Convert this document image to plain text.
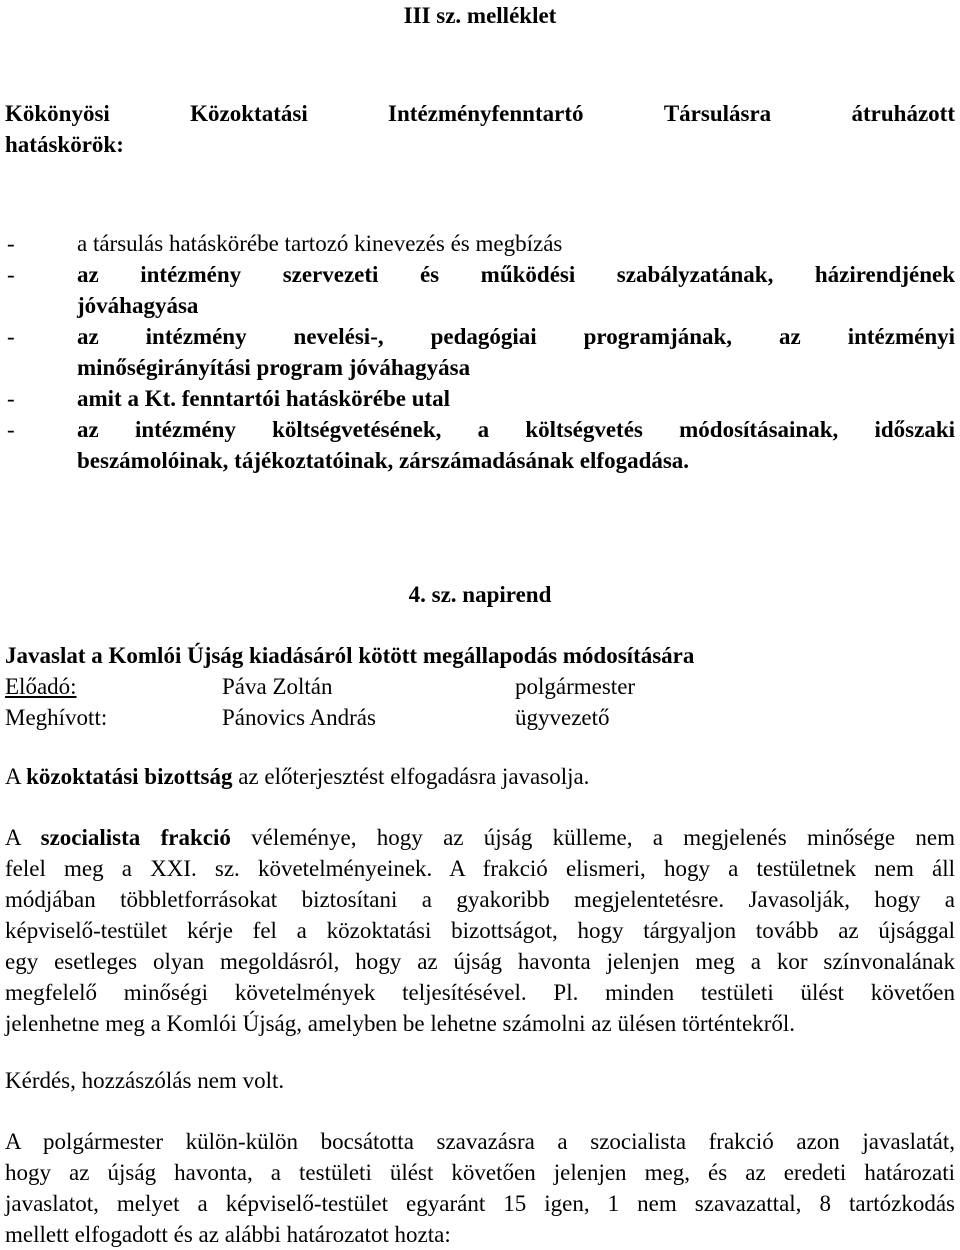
III sz. melléklet
Kökönyösi	Közoktatási	Intézményfenntartó	Társulásra	átruházott
hatáskörök:
-	a társulás hatáskörébe tartozó kinevezés és megbízás
-	az intézmény szervezeti és működési szabályzatának, házirendjének
jóváhagyása
-	az intézmény nevelési-, pedagógiai programjának, az intézményi
minőségirányítási program jóváhagyása
-	amit a Kt. fenntartói hatáskörébe utal
-	az intézmény költségvetésének, a költségvetés módosításainak, időszaki
beszámolóinak, tájékoztatóinak, zárszámadásának elfogadása.
4. sz. napirend
Javaslat a Komlói Újság kiadásáról kötött megállapodás módosítására
Előadó:	Páva Zoltán	polgármester
Meghívott:	Pánovics András	ügyvezető
A közoktatási bizottság az előterjesztést elfogadásra javasolja.
A szocialista frakció véleménye, hogy az újság külleme, a megjelenés minősége nem
felel meg a XXI. sz. követelményeinek. A frakció elismeri, hogy a testületnek nem áll
módjában többletforrásokat biztosítani a gyakoribb megjelentetésre. Javasolják, hogy a
képviselő-testület kérje fel a közoktatási bizottságot, hogy tárgyaljon tovább az újsággal
egy esetleges olyan megoldásról, hogy az újság havonta jelenjen meg a kor színvonalának
megfelelő minőségi követelmények teljesítésével. Pl. minden testületi ülést követően
jelenhetne meg a Komlói Újság, amelyben be lehetne számolni az ülésen történtekről.
Kérdés, hozzászólás nem volt.
A polgármester külön-külön bocsátotta szavazásra a szocialista frakció azon javaslatát,
hogy az újság havonta, a testületi ülést követően jelenjen meg, és az eredeti határozati
javaslatot, melyet a képviselő-testület egyaránt 15 igen, 1 nem szavazattal, 8 tartózkodás
mellett elfogadott és az alábbi határozatot hozta:
